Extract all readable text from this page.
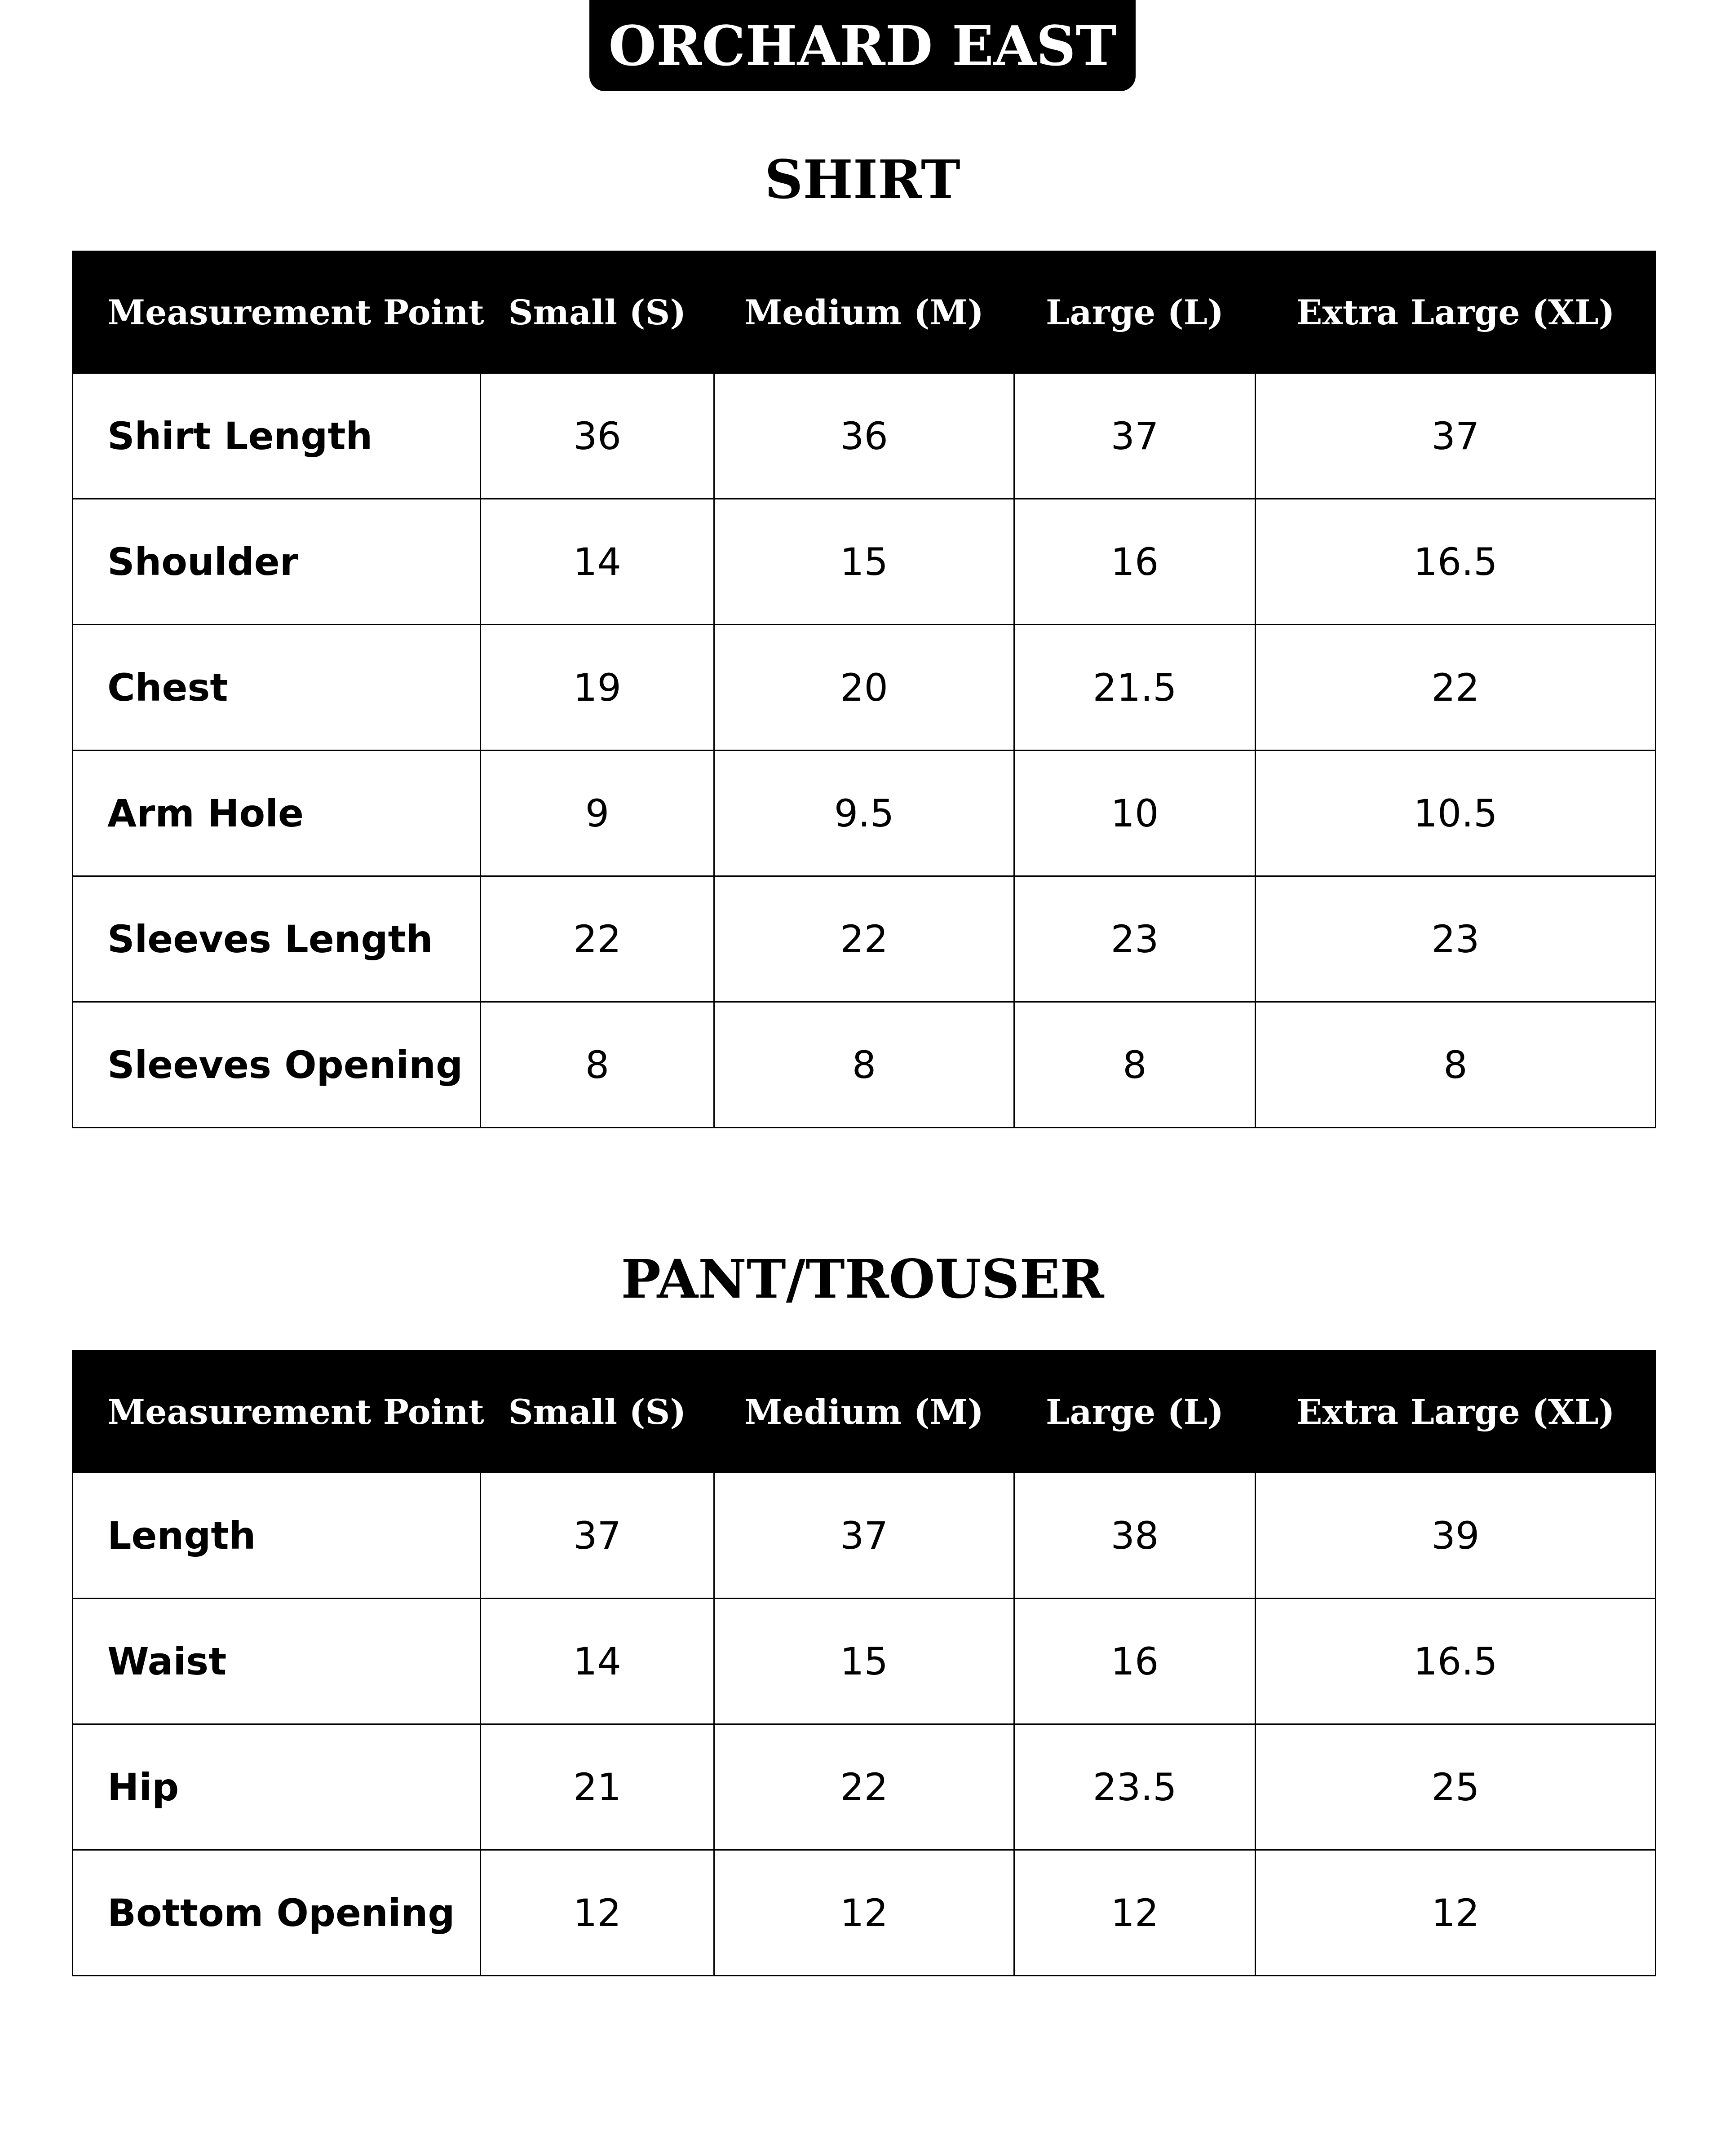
ORCHARD EAST
SHIRT
Measurement Point	Small (S)	Medium (M)	Large (L)	Extra Large (XL)
Shirt Length	36	36	37	37
Shoulder	14	15	16	16.5
Chest	19	20	21.5	22
Arm Hole	9	9.5	10	10.5
Sleeves Length	22	22	23	23
Sleeves Opening	8	8	8	8
PANT/TROUSER
Measurement Point	Small (S)	Medium (M)	Large (L)	Extra Large (XL)
Length	37	37	38	39
Waist	14	15	16	16.5
Hip	21	22	23.5	25
Bottom Opening	12	12	12	12
